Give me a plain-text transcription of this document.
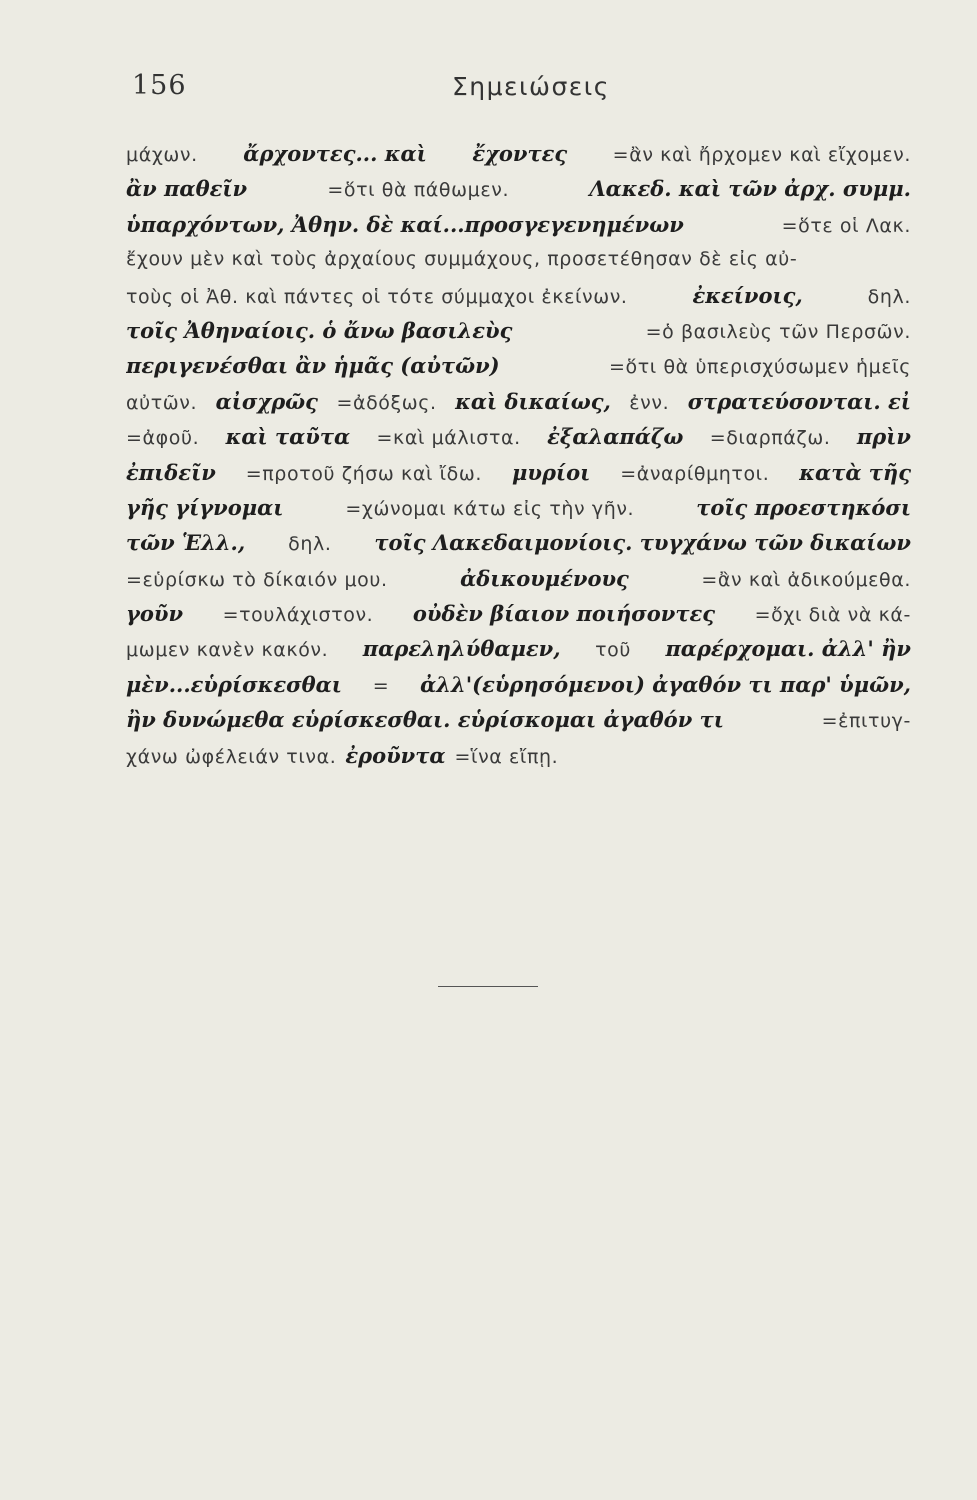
156	Σημειώσεις
μάχων. ἄρχοντες... καὶ ἔχοντες =ἂν καὶ ἤρχομεν καὶ εἴχομεν.
ἂν παθεῖν	=ὅτι θὰ πάθωμεν.	Λακεδ. καὶ τῶν ἀρχ. συμμ.
ὑπαρχόντων, Ἀθην. δὲ καί...προσγεγενημένων	=ὅτε οἱ Λακ.
ἔχουν μὲν καὶ τοὺς ἀρχαίους συμμάχους, προσετέθησαν δὲ εἰς αὐ-
τοὺς οἱ Ἀθ. καὶ πάντες οἱ τότε σύμμαχοι ἐκείνων.	ἐκείνοις,	δηλ.
τοῖς Ἀθηναίοις. ὁ ἄνω βασιλεὺς	=ὁ βασιλεὺς τῶν Περσῶν.
περιγενέσθαι ἂν ἡμᾶς (αὐτῶν)	=ὅτι θὰ ὑπερισχύσωμεν ἡμεῖς
αὐτῶν. αἰσχρῶς =ἀδόξως. καὶ δικαίως, ἐνν. στρατεύσονται. εἰ
=ἀφοῦ. καὶ ταῦτα =καὶ μάλιστα. ἐξαλαπάζω =διαρπάζω. πρὶν
ἐπιδεῖν =προτοῦ ζήσω καὶ ἴδω. μυρίοι =ἀναρίθμητοι. κατὰ τῆς
γῆς γίγνομαι	=χώνομαι κάτω εἰς τὴν γῆν.	τοῖς προεστηκόσι
τῶν Ἑλλ., δηλ. τοῖς Λακεδαιμονίοις. τυγχάνω τῶν δικαίων
=εὑρίσκω τὸ δίκαιόν μου.	ἀδικουμένους	=ἂν καὶ ἀδικούμεθα.
γοῦν =τουλάχιστον. οὐδὲν βίαιον ποιήσοντες =ὄχι διὰ νὰ κά-
μωμεν κανὲν κακόν. παρεληλύθαμεν, τοῦ παρέρχομαι. ἀλλ' ἢν
μὲν...εὑρίσκεσθαι = ἀλλ'(εὑρησόμενοι) ἀγαθόν τι παρ' ὑμῶν,
ἢν δυνώμεθα εὑρίσκεσθαι. εὑρίσκομαι ἀγαθόν τι	=ἐπιτυγ-
χάνω ὠφέλειάν τινα. ἐροῦντα =ἵνα εἴπῃ.
